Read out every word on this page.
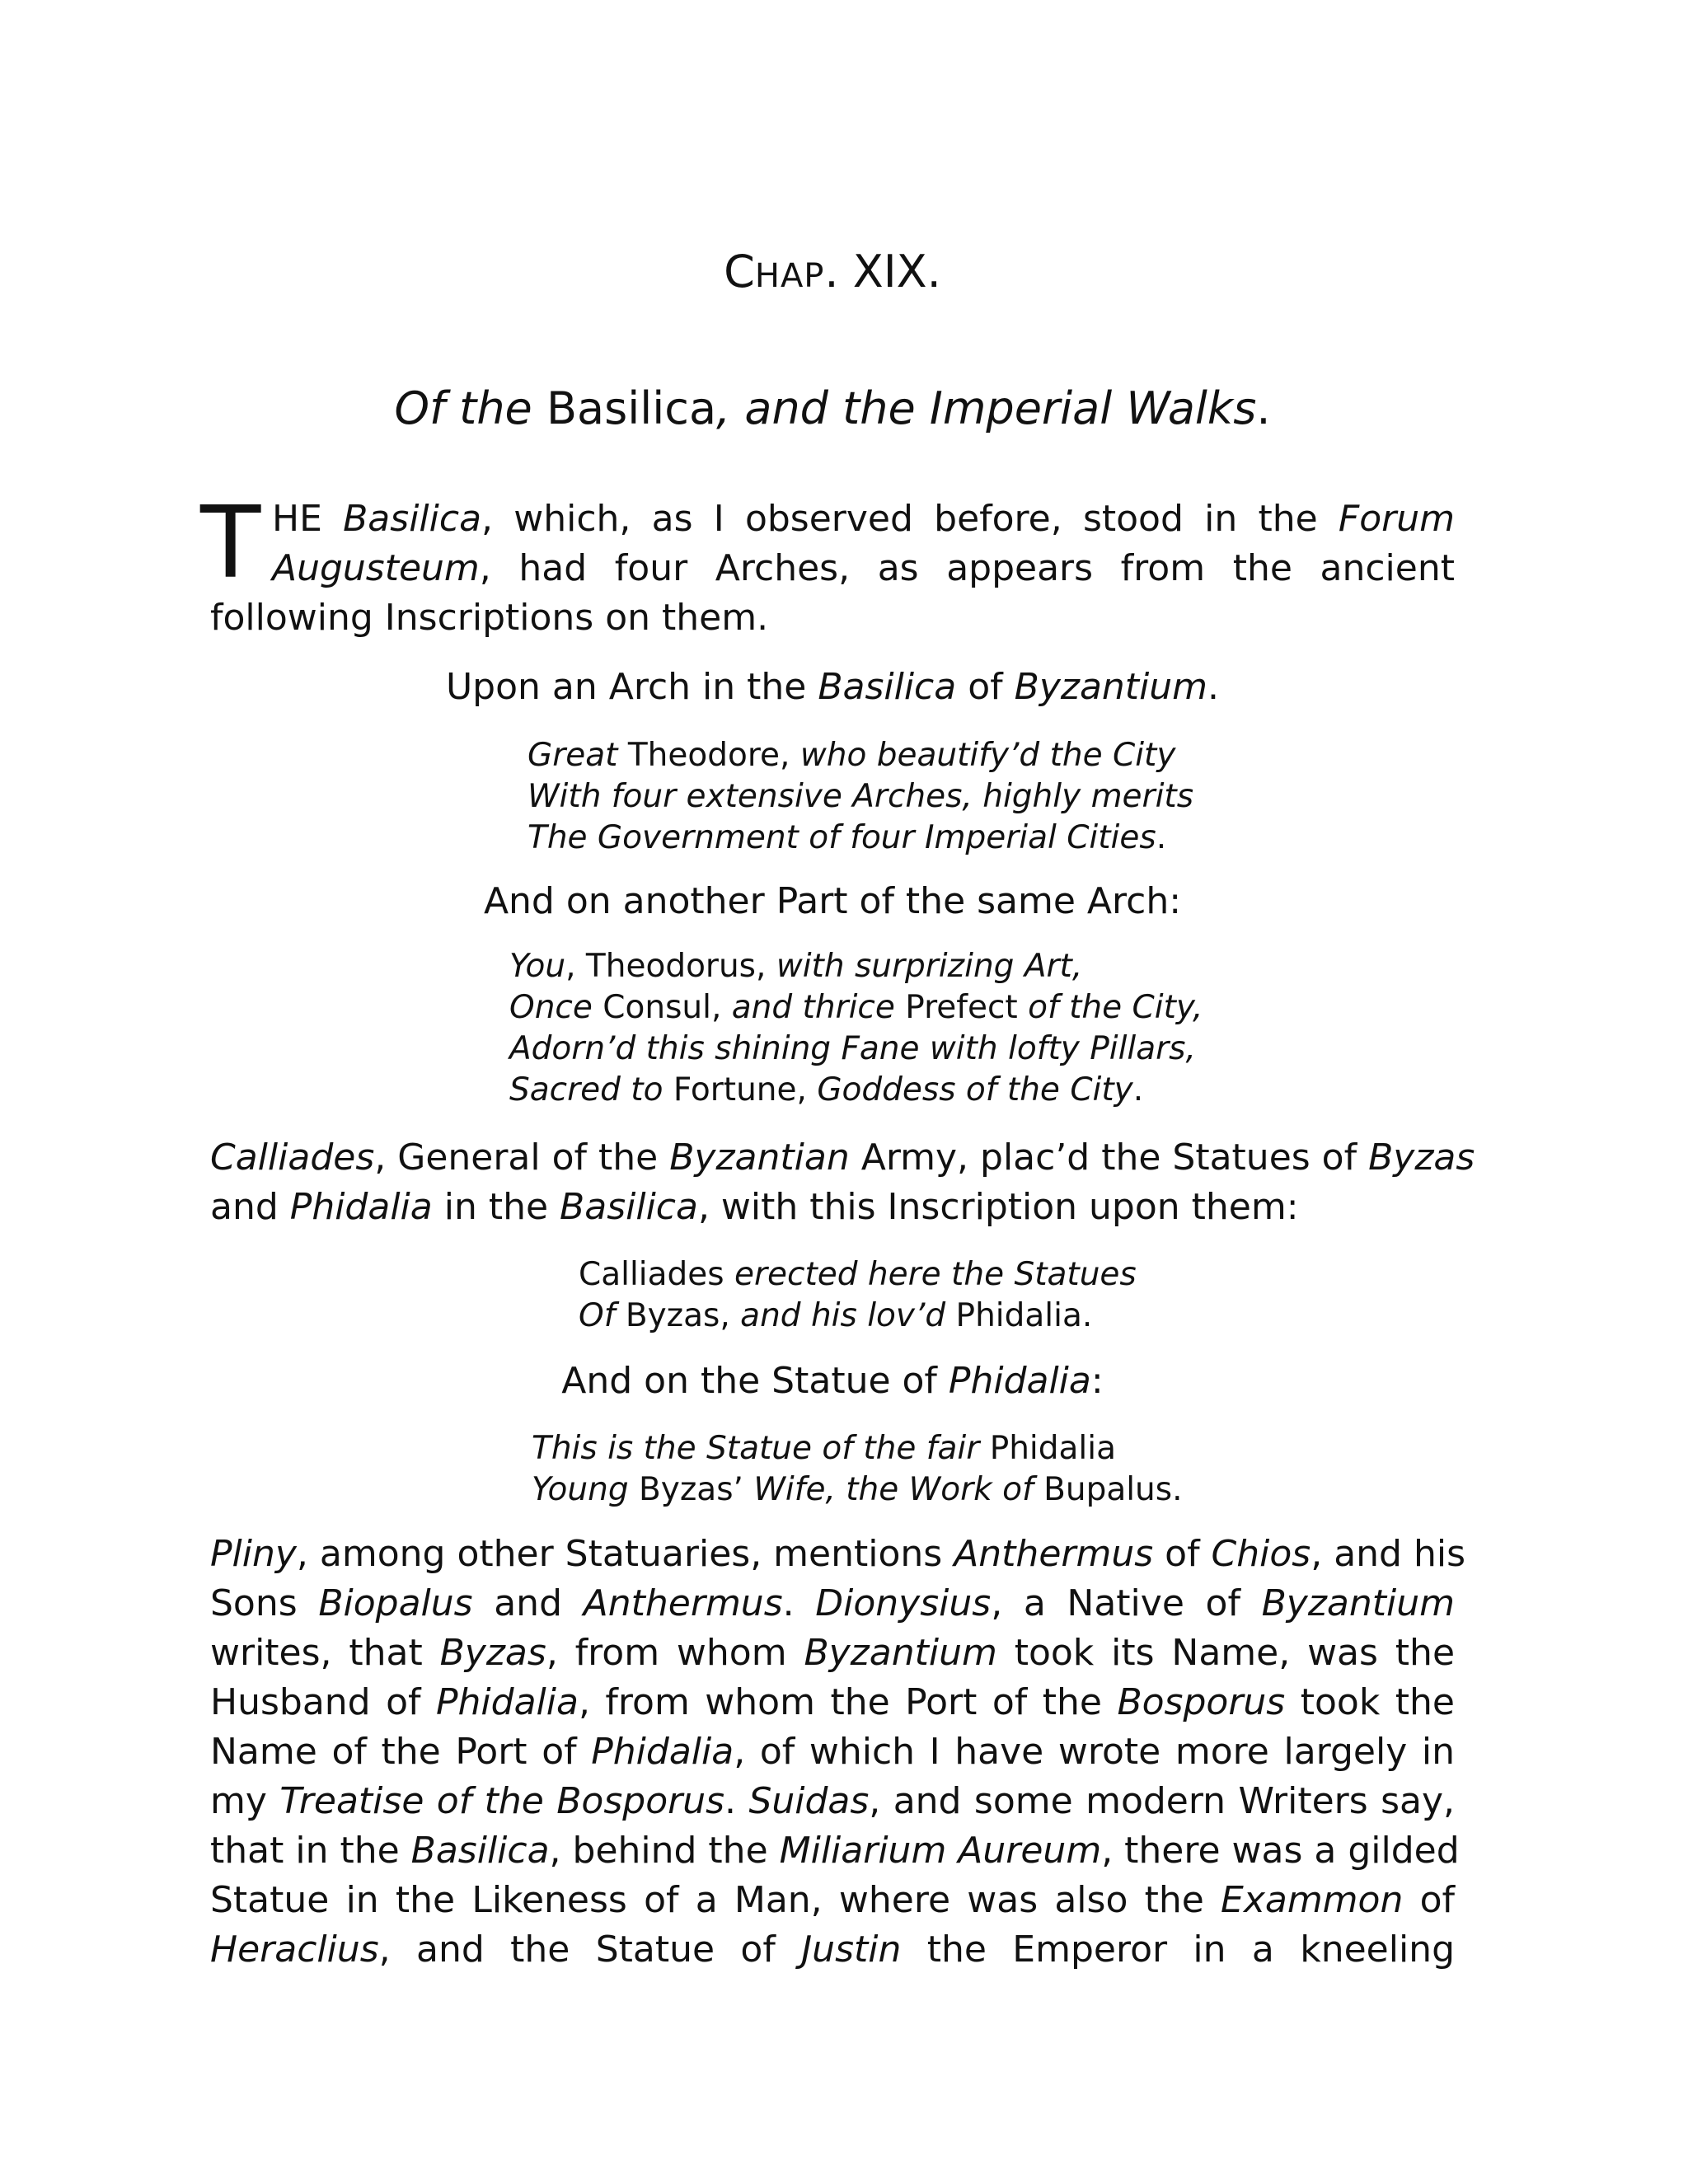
CHAP. XIX.
Of the Basilica, and the Imperial Walks.
T HE Basilica, which, as I observed before, stood in the Forum
Augusteum, had four Arches, as appears from the ancient
following Inscriptions on them.
Upon an Arch in the Basilica of Byzantium.
Great Theodore, who beautify’d the City
With four extensive Arches, highly merits
The Government of four Imperial Cities.
And on another Part of the same Arch:
You, Theodorus, with surprizing Art,
Once Consul, and thrice Prefect of the City,
Adorn’d this shining Fane with lofty Pillars,
Sacred to Fortune, Goddess of the City.
Calliades, General of the Byzantian Army, plac’d the Statues of Byzas
and Phidalia in the Basilica, with this Inscription upon them:
Calliades erected here the Statues
Of Byzas, and his lov’d Phidalia.
And on the Statue of Phidalia:
This is the Statue of the fair Phidalia
Young Byzas’ Wife, the Work of Bupalus.
Pliny, among other Statuaries, mentions Anthermus of Chios, and his
Sons Biopalus and Anthermus. Dionysius, a Native of Byzantium
writes, that Byzas, from whom Byzantium took its Name, was the
Husband of Phidalia, from whom the Port of the Bosporus took the
Name of the Port of Phidalia, of which I have wrote more largely in
my Treatise of the Bosporus. Suidas, and some modern Writers say,
that in the Basilica, behind the Miliarium Aureum, there was a gilded
Statue in the Likeness of a Man, where was also the Exammon of
Heraclius, and the Statue of Justin the Emperor in a kneeling
